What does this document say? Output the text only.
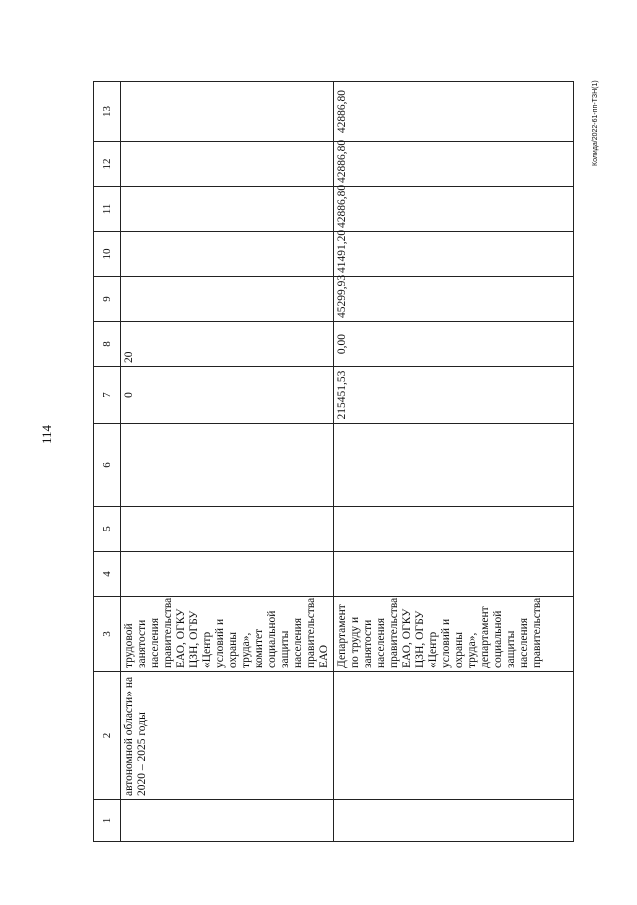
114
Колида/2022-61-пп-ТЗН(1)
1	2	3	4	5	6	7	8	9	10	11	12	13
	автономной области» на 2020 – 2025 годы	трудовой занятости населения правительства ЕАО, ОГКУ ЦЗН, ОГБУ «Центр условий и охраны труда», комитет социальной защиты населения правительства ЕАО				0	20					
		Департамент по труду и занятости населения правительства ЕАО, ОГКУ ЦЗН, ОГБУ «Центр условий и охраны труда», департамент социальной защиты населения правительства				215451,53	0,00	45299,93	41491,20	42886,80	42886,80	42886,80
